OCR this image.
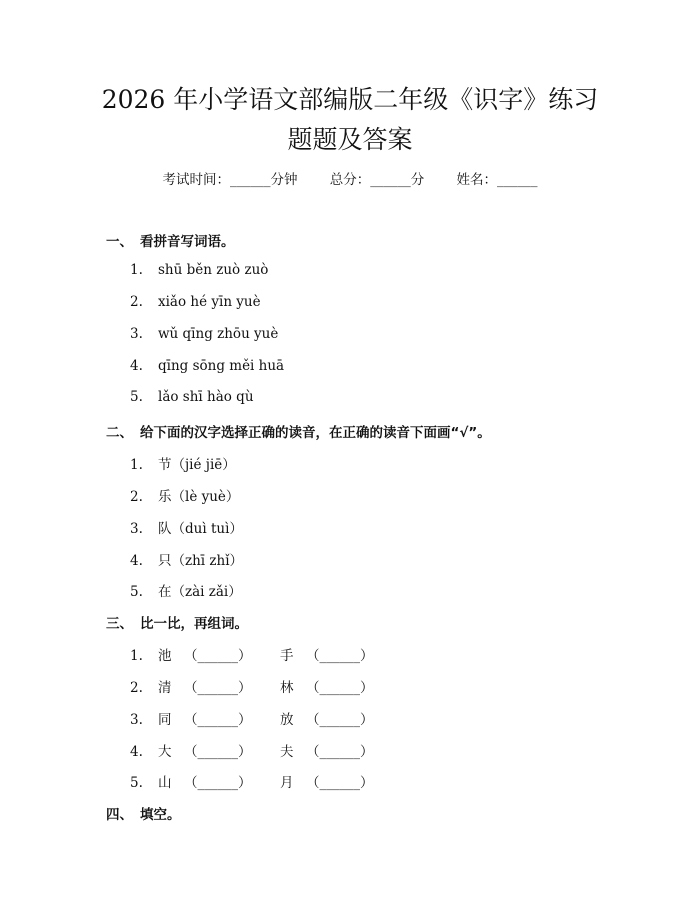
2026 年小学语文部编版二年级《识字》练习
题题及答案
考试时间：______分钟 总分：______分 姓名：______
一、 看拼音写词语。
1. shū běn zuò zuò
2. xiǎo hé yīn yuè
3. wǔ qīng zhōu yuè
4. qīng sōng měi huā
5. lǎo shī hào qù
二、 给下面的汉字选择正确的读音，在正确的读音下面画“√”。
1. 节（jié jiē）
2. 乐（lè yuè）
3. 队（duì tuì）
4. 只（zhī zhǐ）
5. 在（zài zǎi）
三、 比一比，再组词。
1. 池 （______） 手 （______）
2. 清 （______） 林 （______）
3. 同 （______） 放 （______）
4. 大 （______） 夫 （______）
5. 山 （______） 月 （______）
四、 填空。
